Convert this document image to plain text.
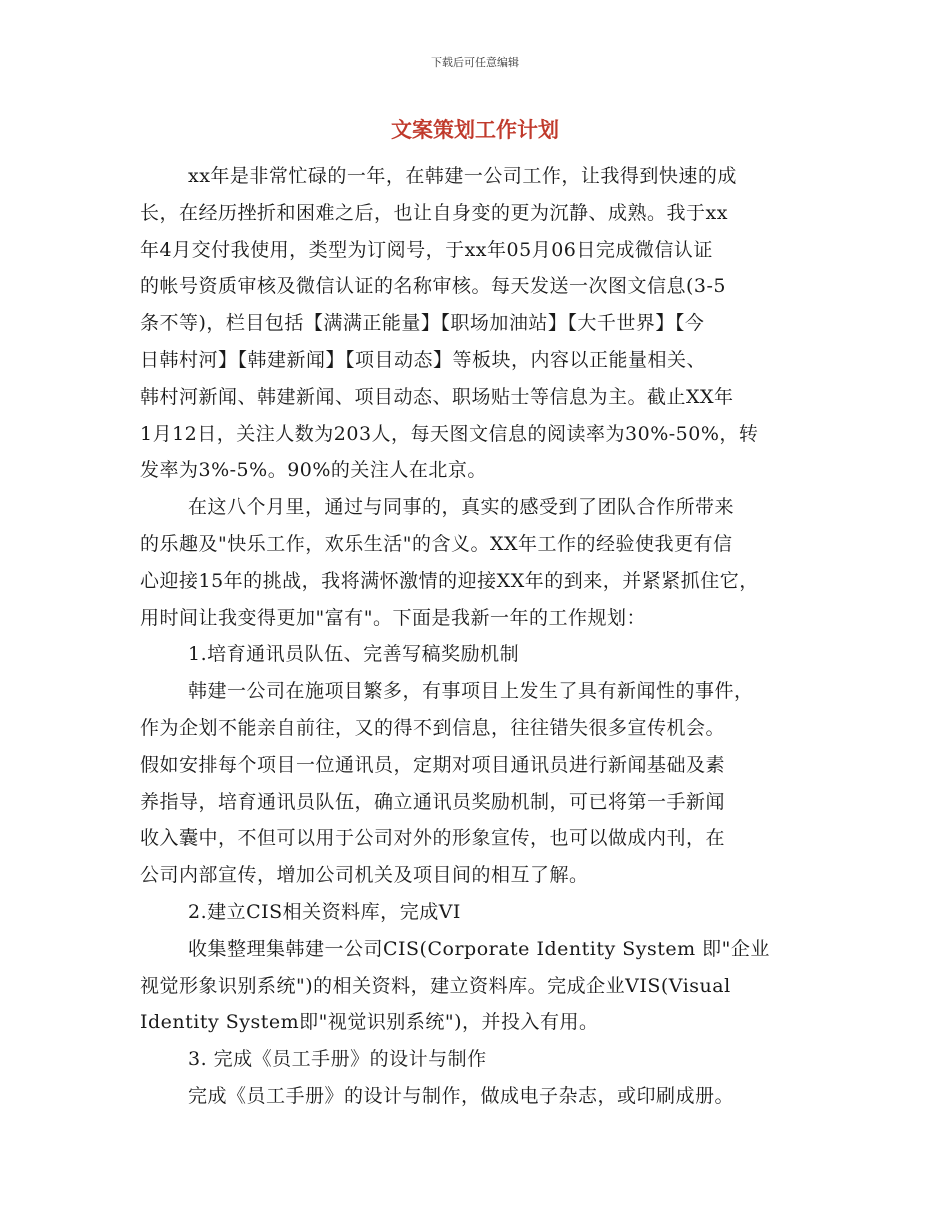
下载后可任意编辑
文案策划工作计划
xx年是非常忙碌的一年，在韩建一公司工作，让我得到快速的成
长，在经历挫折和困难之后，也让自身变的更为沉静、成熟。我于xx
年4月交付我使用，类型为订阅号，于xx年05月06日完成微信认证
的帐号资质审核及微信认证的名称审核。每天发送一次图文信息(3-5
条不等)，栏目包括【满满正能量】【职场加油站】【大千世界】【今
日韩村河】【韩建新闻】【项目动态】等板块，内容以正能量相关、
韩村河新闻、韩建新闻、项目动态、职场贴士等信息为主。截止XX年
1月12日，关注人数为203人，每天图文信息的阅读率为30%-50%，转
发率为3%-5%。90%的关注人在北京。
在这八个月里，通过与同事的，真实的感受到了团队合作所带来
的乐趣及"快乐工作，欢乐生活"的含义。XX年工作的经验使我更有信
心迎接15年的挑战，我将满怀激情的迎接XX年的到来，并紧紧抓住它，
用时间让我变得更加"富有"。下面是我新一年的工作规划：
1.培育通讯员队伍、完善写稿奖励机制
韩建一公司在施项目繁多，有事项目上发生了具有新闻性的事件，
作为企划不能亲自前往，又的得不到信息，往往错失很多宣传机会。
假如安排每个项目一位通讯员，定期对项目通讯员进行新闻基础及素
养指导，培育通讯员队伍，确立通讯员奖励机制，可已将第一手新闻
收入囊中，不但可以用于公司对外的形象宣传，也可以做成内刊，在
公司内部宣传，增加公司机关及项目间的相互了解。
2.建立CIS相关资料库，完成VI
收集整理集韩建一公司CIS(Corporate Identity System 即"企业
视觉形象识别系统")的相关资料，建立资料库。完成企业VIS(Visual
Identity System即"视觉识别系统")，并投入有用。
3. 完成《员工手册》的设计与制作
完成《员工手册》的设计与制作，做成电子杂志，或印刷成册。
